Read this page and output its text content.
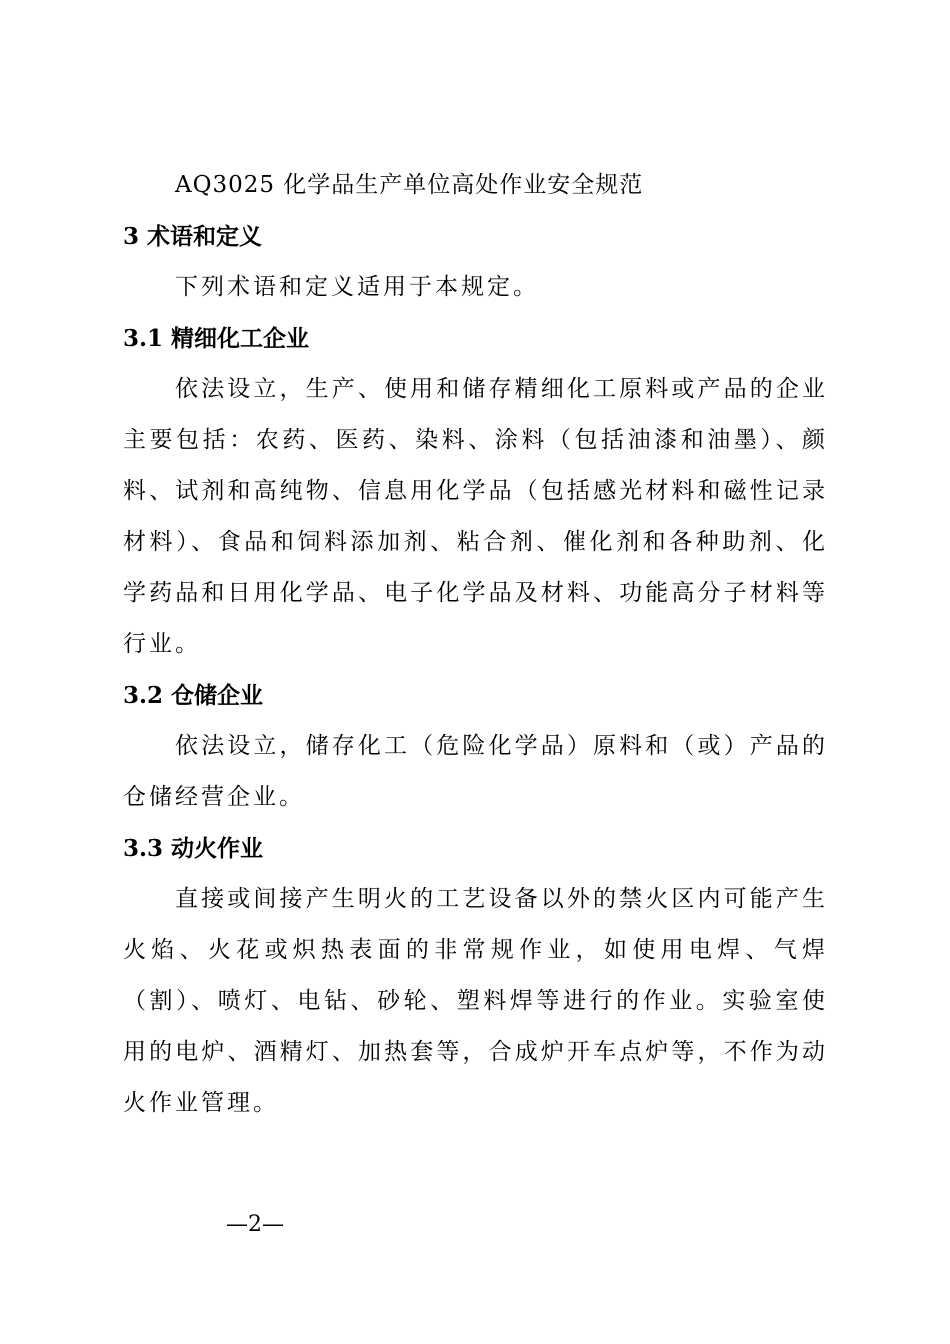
AQ3025 化学品生产单位高处作业安全规范

3 术语和定义

下列术语和定义适用于本规定。

3.1 精细化工企业

依法设立，生产、使用和储存精细化工原料或产品的企业主要包括：农药、医药、染料、涂料（包括油漆和油墨）、颜料、试剂和高纯物、信息用化学品（包括感光材料和磁性记录材料）、食品和饲料添加剂、粘合剂、催化剂和各种助剂、化学药品和日用化学品、电子化学品及材料、功能高分子材料等行业。

3.2 仓储企业

依法设立，储存化工（危险化学品）原料和（或）产品的仓储经营企业。

3.3 动火作业

直接或间接产生明火的工艺设备以外的禁火区内可能产生火焰、火花或炽热表面的非常规作业，如使用电焊、气焊（割）、喷灯、电钻、砂轮、塑料焊等进行的作业。实验室使用的电炉、酒精灯、加热套等，合成炉开车点炉等，不作为动火作业管理。

—2—
